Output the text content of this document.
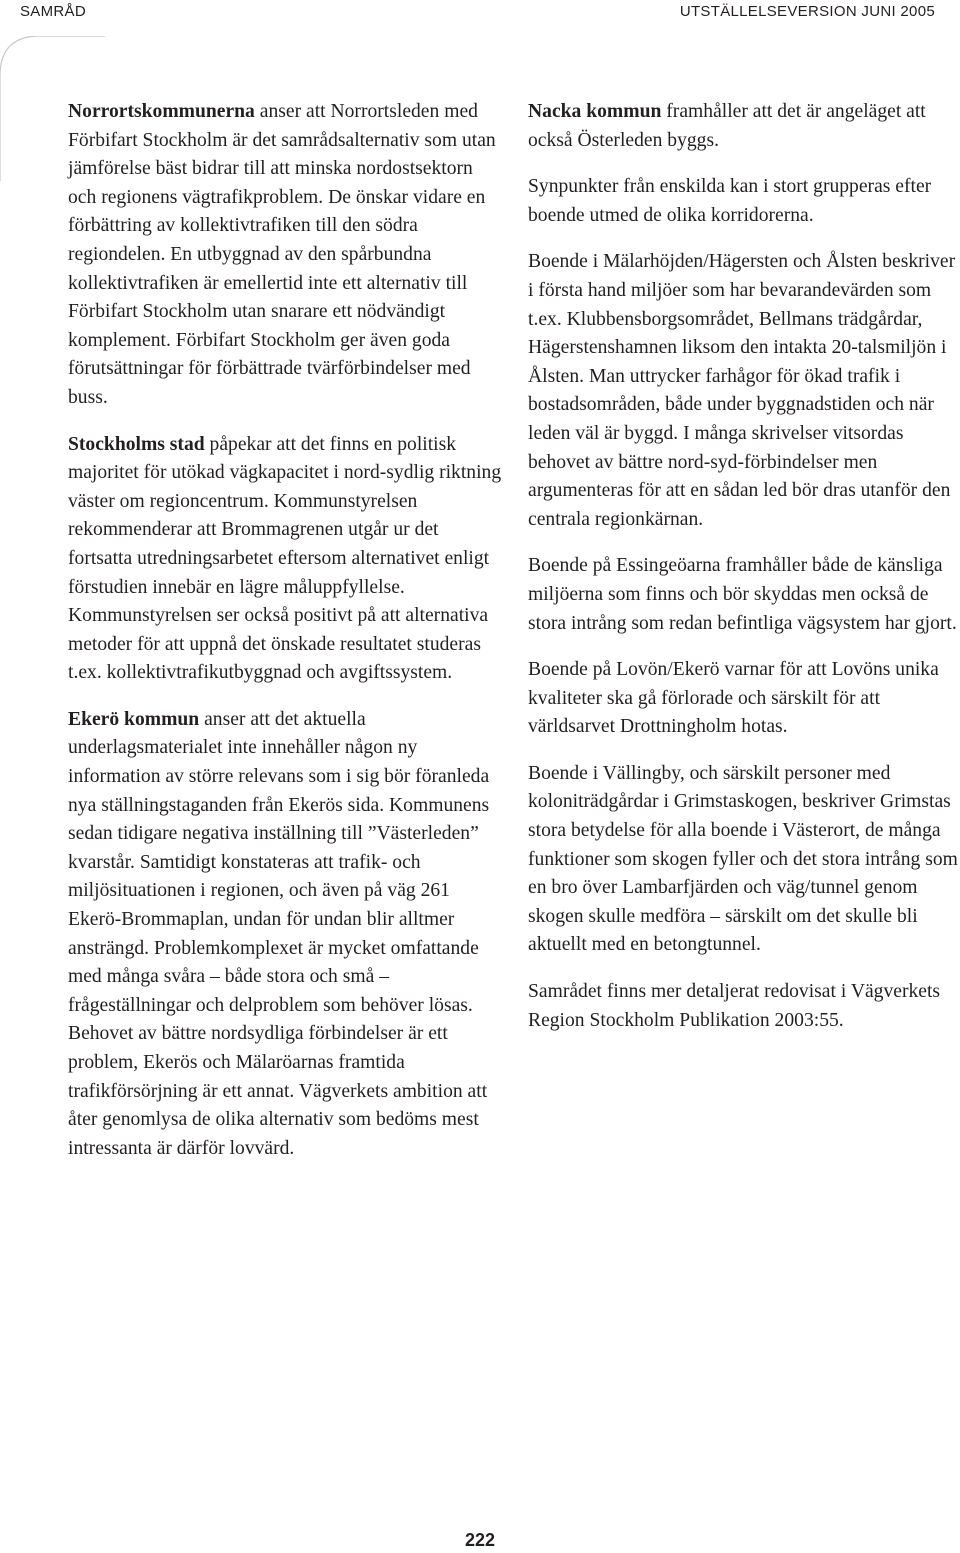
SAMRÅD	UTSTÄLLELSEVERSION JUNI 2005

Norrortskommunerna anser att Norrortsleden med Förbifart Stockholm är det samrådsalternativ som utan jämförelse bäst bidrar till att minska nordostsektorn och regionens vägtrafikproblem. De önskar vidare en förbättring av kollektivtrafiken till den södra regiondelen. En utbyggnad av den spårbundna kollektivtrafiken är emellertid inte ett alternativ till Förbifart Stockholm utan snarare ett nödvändigt komplement. Förbifart Stockholm ger även goda förutsättningar för förbättrade tvärförbindelser med buss.

Stockholms stad påpekar att det finns en politisk majoritet för utökad vägkapacitet i nord-sydlig riktning väster om regioncentrum. Kommunstyrelsen rekommenderar att Brommagrenen utgår ur det fortsatta utredningsarbetet eftersom alternativet enligt förstudien innebär en lägre måluppfyllelse. Kommunstyrelsen ser också positivt på att alternativa metoder för att uppnå det önskade resultatet studeras t.ex. kollektivtrafikutbyggnad och avgiftssystem.

Ekerö kommun anser att det aktuella underlagsmaterialet inte innehåller någon ny information av större relevans som i sig bör föranleda nya ställningstaganden från Ekerös sida. Kommunens sedan tidigare negativa inställning till ”Västerleden” kvarstår. Samtidigt konstateras att trafik- och miljösituationen i regionen, och även på väg 261 Ekerö-Brommaplan, undan för undan blir alltmer ansträngd. Problemkomplexet är mycket omfattande med många svåra – både stora och små – frågeställningar och delproblem som behöver lösas. Behovet av bättre nordsydliga förbindelser är ett problem, Ekerös och Mälaröarnas framtida trafikförsörjning är ett annat. Vägverkets ambition att åter genomlysa de olika alternativ som bedöms mest intressanta är därför lovvärd.

Nacka kommun framhåller att det är angeläget att också Österleden byggs.

Synpunkter från enskilda kan i stort grupperas efter boende utmed de olika korridorerna.

Boende i Mälarhöjden/Hägersten och Ålsten beskriver i första hand miljöer som har bevarandevärden som t.ex. Klubbensborgsområdet, Bellmans trädgårdar, Hägerstenshamnen liksom den intakta 20-talsmiljön i Ålsten. Man uttrycker farhågor för ökad trafik i bostadsområden, både under byggnadstiden och när leden väl är byggd. I många skrivelser vitsordas behovet av bättre nord-syd-förbindelser men argumenteras för att en sådan led bör dras utanför den centrala regionkärnan.

Boende på Essingeöarna framhåller både de känsliga miljöerna som finns och bör skyddas men också de stora intrång som redan befintliga vägsystem har gjort.

Boende på Lovön/Ekerö varnar för att Lovöns unika kvaliteter ska gå förlorade och särskilt för att världsarvet Drottningholm hotas.

Boende i Vällingby, och särskilt personer med koloniträdgårdar i Grimstaskogen, beskriver Grimstas stora betydelse för alla boende i Västerort, de många funktioner som skogen fyller och det stora intrång som en bro över Lambarfjärden och väg/tunnel genom skogen skulle medföra – särskilt om det skulle bli aktuellt med en betongtunnel.

Samrådet finns mer detaljerat redovisat i Vägverkets Region Stockholm Publikation 2003:55.

222
